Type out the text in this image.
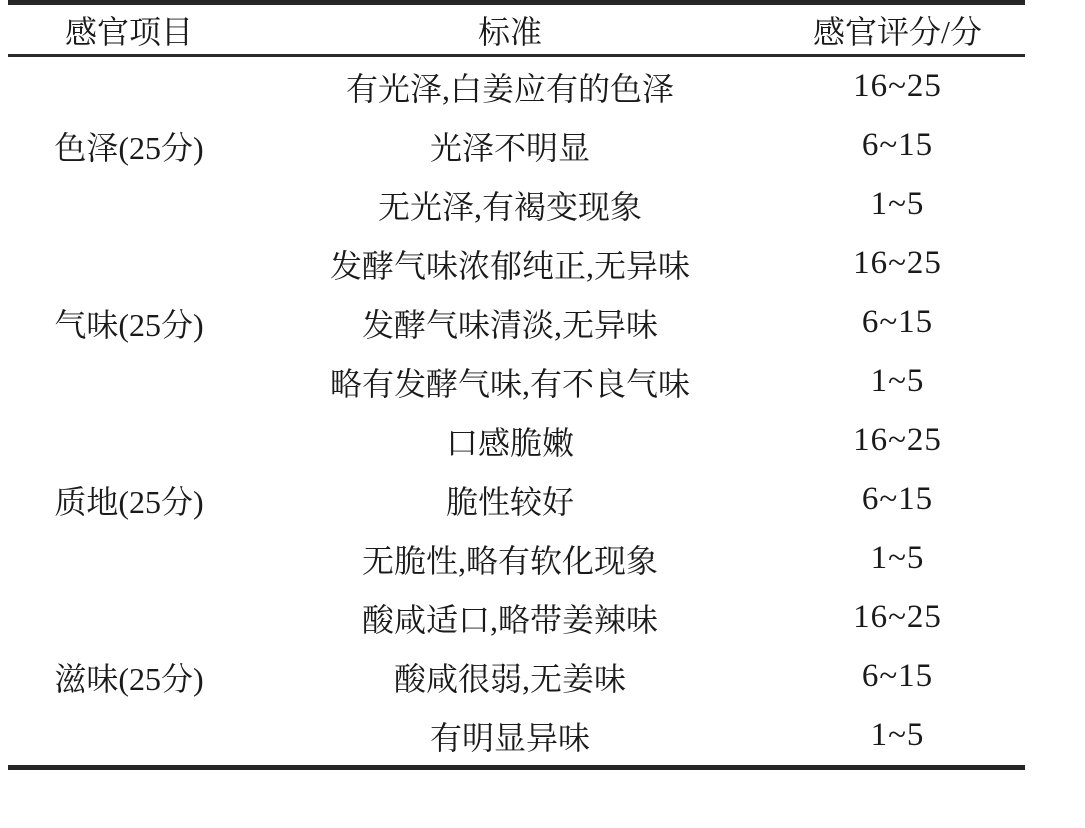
感官项目	标准	感官评分/分
色泽(25分)	有光泽,白姜应有的色泽	16~25
	光泽不明显	6~15
	无光泽,有褐变现象	1~5
气味(25分)	发酵气味浓郁纯正,无异味	16~25
	发酵气味清淡,无异味	6~15
	略有发酵气味,有不良气味	1~5
质地(25分)	口感脆嫩	16~25
	脆性较好	6~15
	无脆性,略有软化现象	1~5
滋味(25分)	酸咸适口,略带姜辣味	16~25
	酸咸很弱,无姜味	6~15
	有明显异味	1~5
